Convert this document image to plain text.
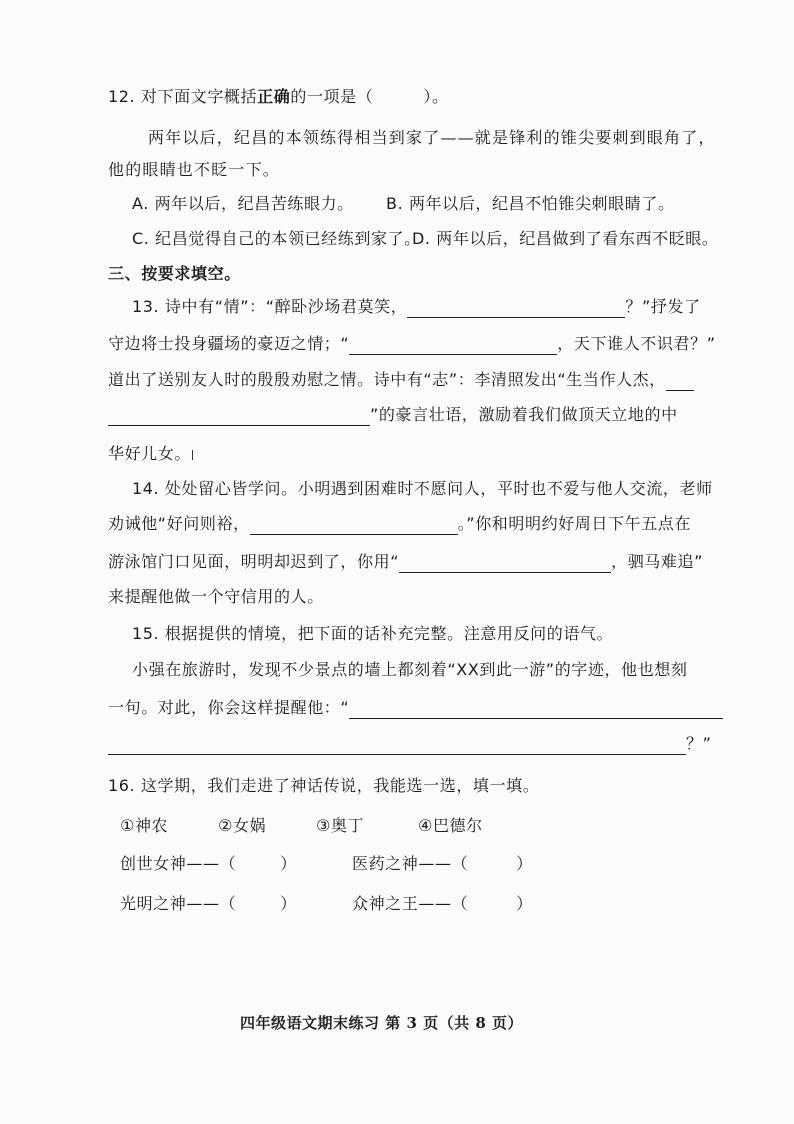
12. 对下面文字概括正确的一项是（	）。
两年以后，纪昌的本领练得相当到家了——就是锋利的锥尖要刺到眼角了，
他的眼睛也不眨一下。
A. 两年以后，纪昌苦练眼力。 B. 两年以后，纪昌不怕锥尖刺眼睛了。
C. 纪昌觉得自己的本领已经练到家了。
D. 两年以后，纪昌做到了看东西不眨眼。
三、按要求填空。
13. 诗中有“情”：“醉卧沙场君莫笑，	？”抒发了
守边将士投身疆场的豪迈之情；“	，天下谁人不识君？”
道出了送别友人时的殷殷劝慰之情。诗中有“志”：李清照发出“生当作人杰，
”的豪言壮语，激励着我们做顶天立地的中
华好儿女。
14. 处处留心皆学问。小明遇到困难时不愿问人，平时也不爱与他人交流，老师
劝诫他“好问则裕，	。”你和明明约好周日下午五点在
游泳馆门口见面，明明却迟到了，你用“	，驷马难追”
来提醒他做一个守信用的人。
15. 根据提供的情境，把下面的话补充完整。注意用反问的语气。
小强在旅游时，发现不少景点的墙上都刻着“XX到此一游”的字迹，他也想刻
一句。对此，你会这样提醒他：“
？”
16. 这学期，我们走进了神话传说，我能选一选，填一填。
①神农	②女娲	③奥丁	④巴德尔
创世女神——（	）	医药之神——（	）
光明之神——（	）	众神之王——（	）
四年级语文期末练习 第 3 页（共 8 页）
